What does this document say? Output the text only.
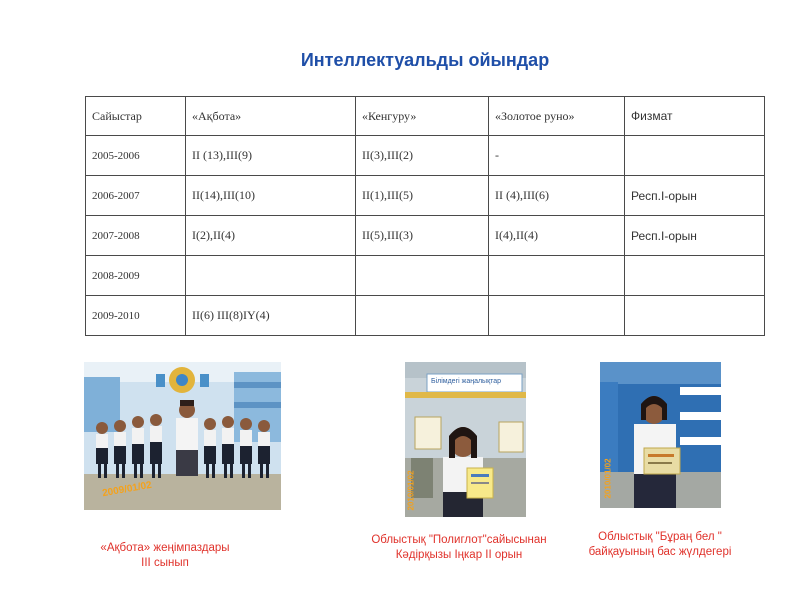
Интеллектуальды ойындар
Сайыстар	«Ақбота»	«Кенгуру»	«Золотое руно»	Физмат
2005-2006	II (13),III(9)	II(3),III(2)	-	
2006-2007	II(14),III(10)	II(1),III(5)	II (4),III(6)	Респ.I-орын
2007-2008	I(2),II(4)	II(5),III(3)	I(4),II(4)	Респ.I-орын
2008-2009				
2009-2010	II(6) III(8)IY(4)			
2009/01/02
Білімдегі жаңалықтар
2010/01/02	2010/01/02
«Ақбота» жеңімпаздары
III сынып
Облыстық "Полиглот"сайысынан
Кәдірқызы Іңкар ІІ орын
Облыстық "Бұраң бел "
байқауының бас жүлдегері
